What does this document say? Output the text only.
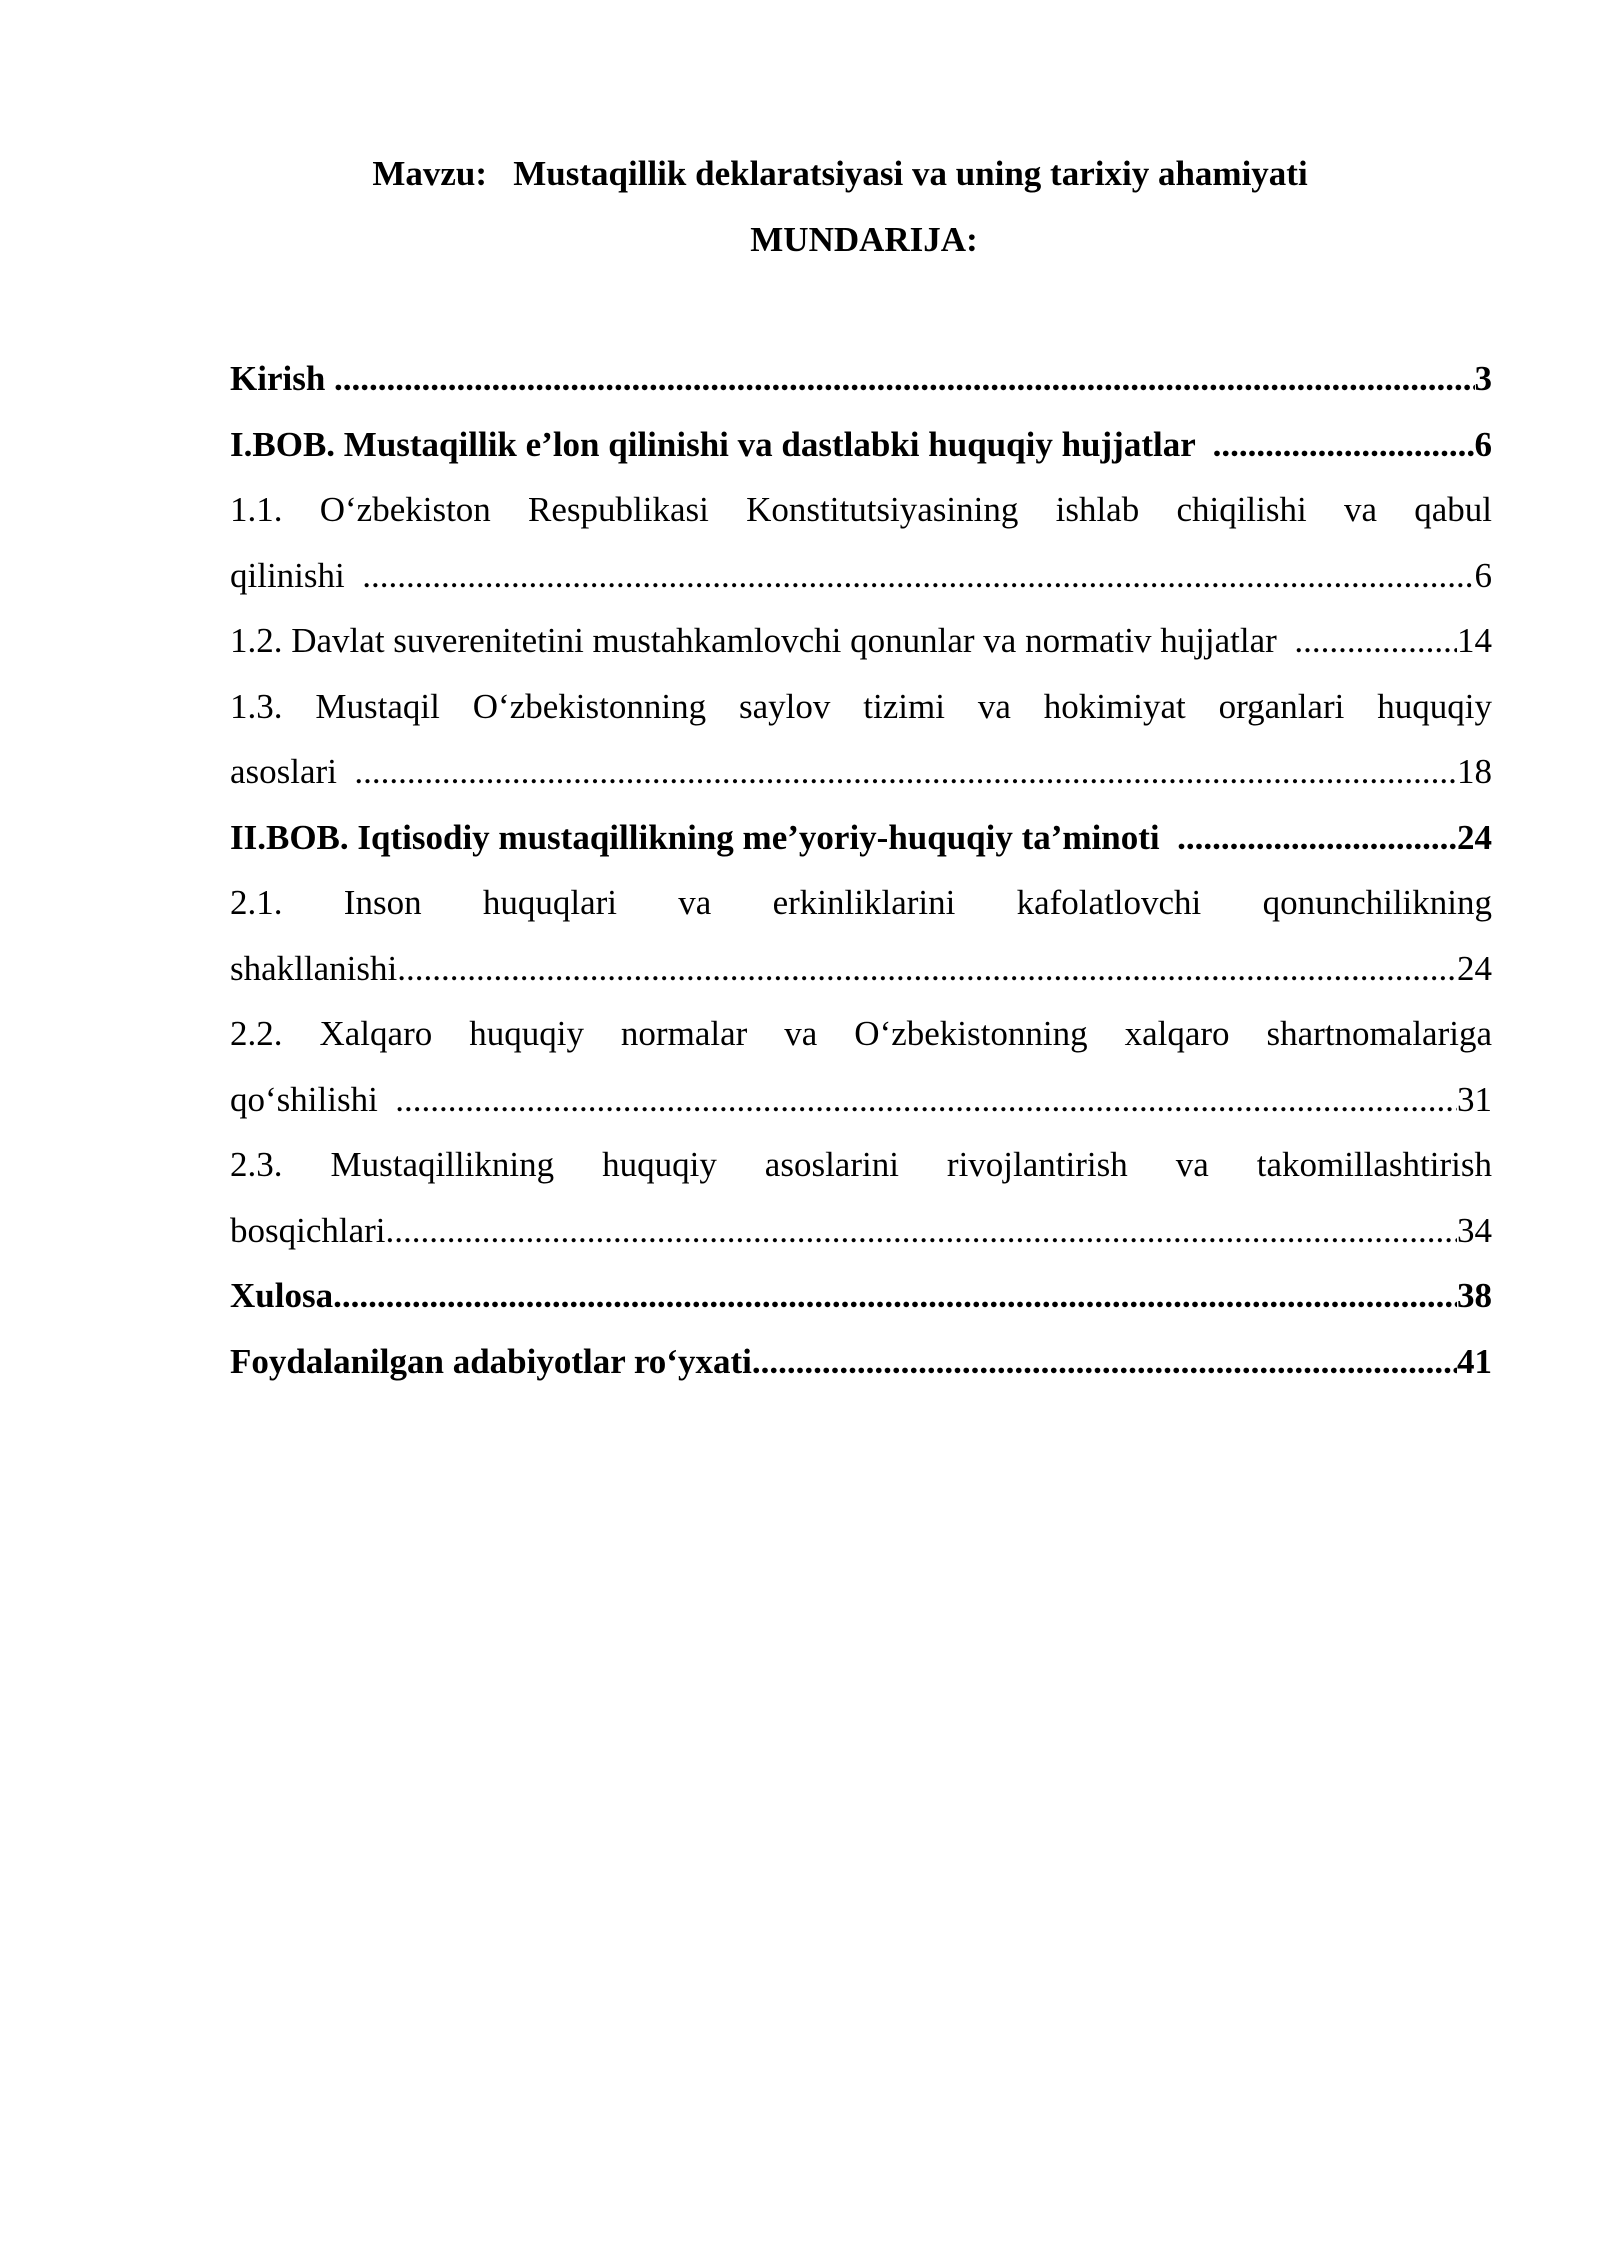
Mavzu: Mustaqillik deklaratsiyasi va uning tarixiy ahamiyati
MUNDARIJA:
Kirish .....	3
I.BOB. Mustaqillik e’lon qilinishi va dastlabki huquqiy hujjatlar .....	6
1.1. O‘zbekiston Respublikasi Konstitutsiyasining ishlab chiqilishi va qabul
qilinishi .....	6
1.2. Davlat suverenitetini mustahkamlovchi qonunlar va normativ hujjatlar .....	14
1.3. Mustaqil O‘zbekistonning saylov tizimi va hokimiyat organlari huquqiy
asoslari .....	18
II.BOB. Iqtisodiy mustaqillikning me’yoriy-huquqiy ta’minoti .....	24
2.1. Inson huquqlari va erkinliklarini kafolatlovchi qonunchilikning
shakllanishi .....	24
2.2. Xalqaro huquqiy normalar va O‘zbekistonning xalqaro shartnomalariga
qo‘shilishi .....	31
2.3. Mustaqillikning huquqiy asoslarini rivojlantirish va takomillashtirish
bosqichlari .....	34
Xulosa .....	38
Foydalanilgan adabiyotlar ro‘yxati .....	41
